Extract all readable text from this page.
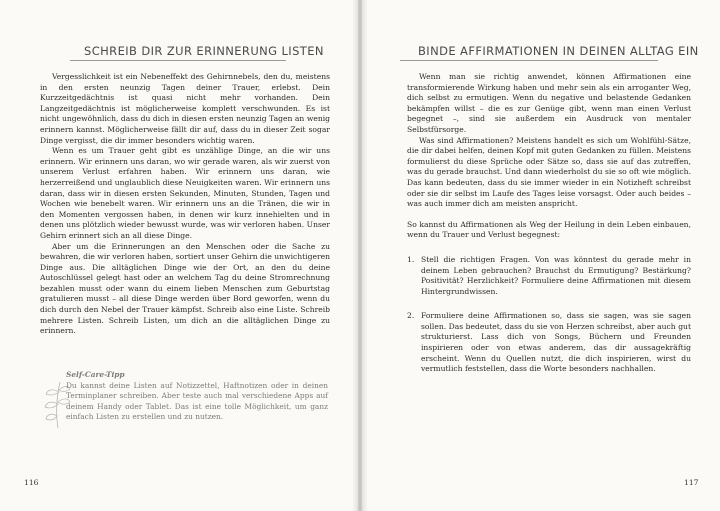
SCHREIB DIR ZUR ERINNERUNG LISTEN

Vergesslichkeit ist ein Nebeneffekt des Gehirnnebels, den du, meistens in den ersten neunzig Tagen deiner Trauer, erlebst. Dein Kurzzeitgedächtnis ist quasi nicht mehr vorhanden. Dein Langzeitgedächtnis ist möglicherweise komplett verschwunden. Es ist nicht ungewöhnlich, dass du dich in diesen ersten neunzig Tagen an wenig erinnern kannst. Möglicherweise fällt dir auf, dass du in dieser Zeit sogar Dinge vergisst, die dir immer besonders wichtig waren.

Wenn es um Trauer geht gibt es unzählige Dinge, an die wir uns erinnern. Wir erinnern uns daran, wo wir gerade waren, als wir zuerst von unserem Verlust erfahren haben. Wir erinnern uns daran, wie herzerreißend und unglaublich diese Neuigkeiten waren. Wir erinnern uns daran, dass wir in diesen ersten Sekunden, Minuten, Stunden, Tagen und Wochen wie benebelt waren. Wir erinnern uns an die Tränen, die wir in den Momenten vergossen haben, in denen wir kurz innehielten und in denen uns plötzlich wieder bewusst wurde, was wir verloren haben. Unser Gehirn erinnert sich an all diese Dinge.

Aber um die Erinnerungen an den Menschen oder die Sache zu bewahren, die wir verloren haben, sortiert unser Gehirn die unwichtigeren Dinge aus. Die alltäglichen Dinge wie der Ort, an den du deine Autoschlüssel gelegt hast oder an welchem Tag du deine Stromrechnung bezahlen musst oder wann du einem lieben Menschen zum Geburtstag gratulieren musst – all diese Dinge werden über Bord geworfen, wenn du dich durch den Nebel der Trauer kämpfst. Schreib also eine Liste. Schreib mehrere Listen. Schreib Listen, um dich an die alltäglichen Dinge zu erinnern.

Self-Care-Tipp
Du kannst deine Listen auf Notizzettel, Haftnotizen oder in deinen Terminplaner schreiben. Aber teste auch mal verschiedene Apps auf deinem Handy oder Tablet. Das ist eine tolle Möglichkeit, um ganz einfach Listen zu erstellen und zu nutzen.
116
BINDE AFFIRMATIONEN IN DEINEN ALLTAG EIN

Wenn man sie richtig anwendet, können Affirmationen eine transformierende Wirkung haben und mehr sein als ein arroganter Weg, dich selbst zu ermutigen. Wenn du negative und belastende Gedanken bekämpfen willst – die es zur Genüge gibt, wenn man einen Verlust begegnet –, sind sie außerdem ein Ausdruck von mentaler Selbstfürsorge.

Was sind Affirmationen? Meistens handelt es sich um Wohlfühl-Sätze, die dir dabei helfen, deinen Kopf mit guten Gedanken zu füllen. Meistens formulierst du diese Sprüche oder Sätze so, dass sie auf das zutreffen, was du gerade brauchst. Und dann wiederholst du sie so oft wie möglich. Das kann bedeuten, dass du sie immer wieder in ein Notizheft schreibst oder sie dir selbst im Laufe des Tages leise vorsagst. Oder auch beides – was auch immer dich am meisten anspricht.

So kannst du Affirmationen als Weg der Heilung in dein Leben einbauen, wenn du Trauer und Verlust begegnest:

1. Stell die richtigen Fragen. Von was könntest du gerade mehr in deinem Leben gebrauchen? Brauchst du Ermutigung? Bestärkung? Positivität? Herzlichkeit? Formuliere deine Affirmationen mit diesem Hintergrundwissen.
2. Formuliere deine Affirmationen so, dass sie sagen, was sie sagen sollen. Das bedeutet, dass du sie von Herzen schreibst, aber auch gut strukturierst. Lass dich von Songs, Büchern und Freunden inspirieren oder von etwas anderem, das dir aussagekräftig erscheint. Wenn du Quellen nutzt, die dich inspirieren, wirst du vermutlich feststellen, dass die Worte besonders nachhallen.
117
